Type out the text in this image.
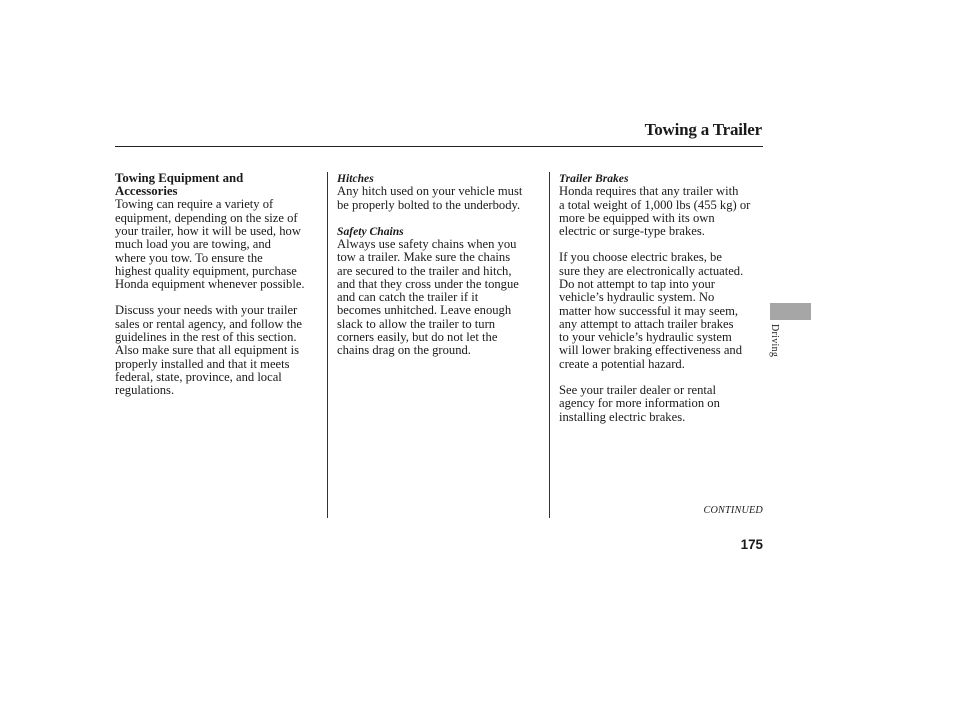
Towing a Trailer

Towing Equipment and

Accessories

Towing can require a variety of

equipment, depending on the size of

your trailer, how it will be used, how

much load you are towing, and

where you tow. To ensure the

highest quality equipment, purchase

Honda equipment whenever possible.

Discuss your needs with your trailer

sales or rental agency, and follow the

guidelines in the rest of this section.

Also make sure that all equipment is

properly installed and that it meets

federal, state, province, and local

regulations.

Hitches

Any hitch used on your vehicle must

be properly bolted to the underbody.

Safety Chains

Always use safety chains when you

tow a trailer. Make sure the chains

are secured to the trailer and hitch,

and that they cross under the tongue

and can catch the trailer if it

becomes unhitched. Leave enough

slack to allow the trailer to turn

corners easily, but do not let the

chains drag on the ground.

Trailer Brakes

Honda requires that any trailer with

a total weight of 1,000 lbs (455 kg) or

more be equipped with its own

electric or surge-type brakes.

If you choose electric brakes, be

sure they are electronically actuated.

Do not attempt to tap into your

vehicle’s hydraulic system. No

matter how successful it may seem,

any attempt to attach trailer brakes

to your vehicle’s hydraulic system

will lower braking effectiveness and

create a potential hazard.

See your trailer dealer or rental

agency for more information on

installing electric brakes.

Driving
CONTINUED
175
